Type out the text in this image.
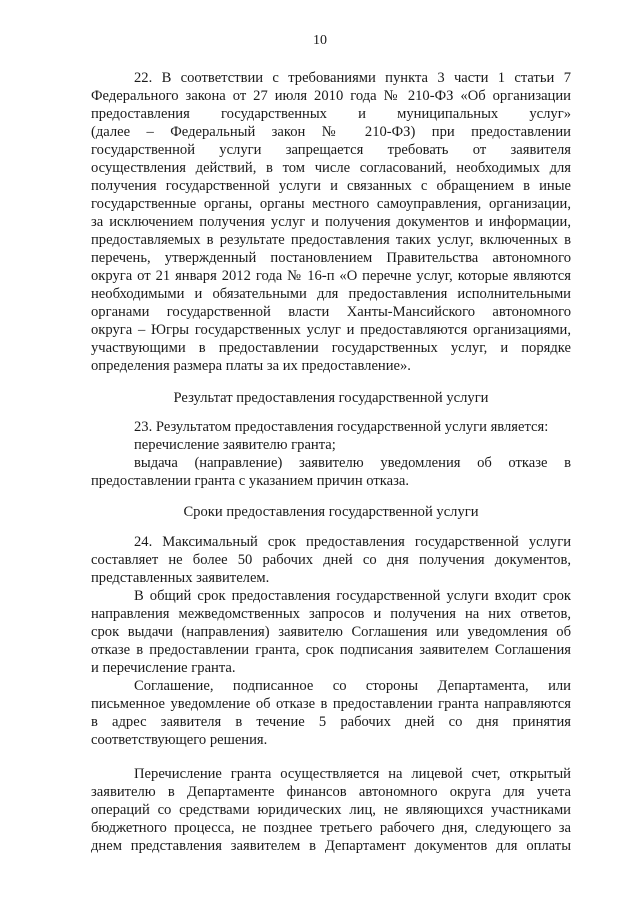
10
22. В соответствии с требованиями пункта 3 части 1 статьи 7
Федерального закона от 27 июля 2010 года № 210-ФЗ «Об организации
предоставления государственных и муниципальных услуг»
(далее – Федеральный закон № 210-ФЗ) при предоставлении
государственной услуги запрещается требовать от заявителя
осуществления действий, в том числе согласований, необходимых для
получения государственной услуги и связанных с обращением в иные
государственные органы, органы местного самоуправления, организации,
за исключением получения услуг и получения документов и информации,
предоставляемых в результате предоставления таких услуг, включенных в
перечень, утвержденный постановлением Правительства автономного
округа от 21 января 2012 года № 16-п «О перечне услуг, которые являются
необходимыми и обязательными для предоставления исполнительными
органами государственной власти Ханты-Мансийского автономного
округа – Югры государственных услуг и предоставляются организациями,
участвующими в предоставлении государственных услуг, и порядке
определения размера платы за их предоставление».
Результат предоставления государственной услуги
23. Результатом предоставления государственной услуги является:
перечисление заявителю гранта;
выдача (направление) заявителю уведомления об отказе в
предоставлении гранта с указанием причин отказа.
Сроки предоставления государственной услуги
24. Максимальный срок предоставления государственной услуги
составляет не более 50 рабочих дней со дня получения документов,
представленных заявителем.
В общий срок предоставления государственной услуги входит срок
направления межведомственных запросов и получения на них ответов,
срок выдачи (направления) заявителю Соглашения или уведомления об
отказе в предоставлении гранта, срок подписания заявителем Соглашения
и перечисление гранта.
Соглашение, подписанное со стороны Департамента, или
письменное уведомление об отказе в предоставлении гранта направляются
в адрес заявителя в течение 5 рабочих дней со дня принятия
соответствующего решения.
Перечисление гранта осуществляется на лицевой счет, открытый
заявителю в Департаменте финансов автономного округа для учета
операций со средствами юридических лиц, не являющихся участниками
бюджетного процесса, не позднее третьего рабочего дня, следующего за
днем представления заявителем в Департамент документов для оплаты
